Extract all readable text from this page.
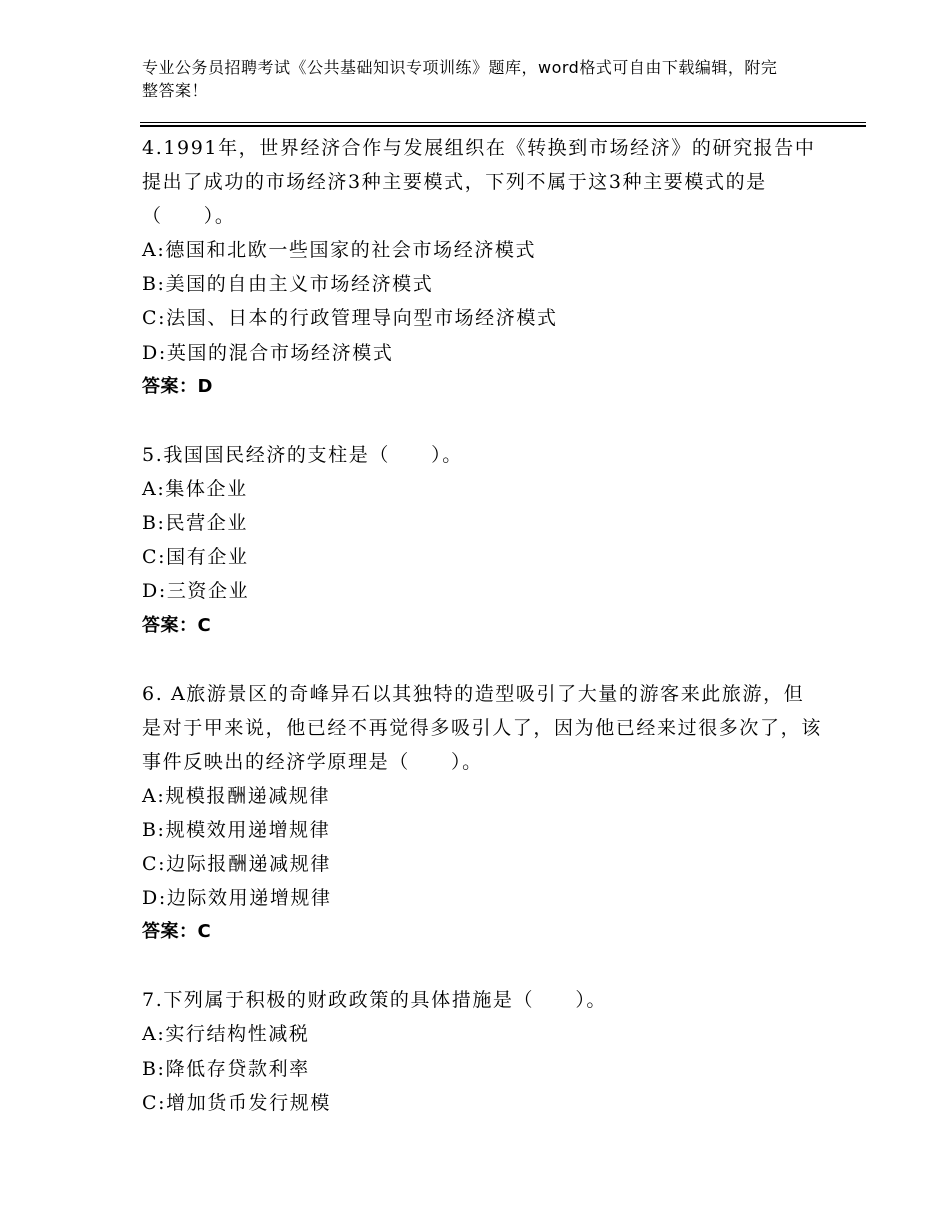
专业公务员招聘考试《公共基础知识专项训练》题库，word格式可自由下载编辑，附完整答案！
4.1991年，世界经济合作与发展组织在《转换到市场经济》的研究报告中提出了成功的市场经济3种主要模式，下列不属于这3种主要模式的是（　　）。
A:德国和北欧一些国家的社会市场经济模式
B:美国的自由主义市场经济模式
C:法国、日本的行政管理导向型市场经济模式
D:英国的混合市场经济模式
答案：D
5.我国国民经济的支柱是（　　）。
A:集体企业
B:民营企业
C:国有企业
D:三资企业
答案：C
6. A旅游景区的奇峰异石以其独特的造型吸引了大量的游客来此旅游，但是对于甲来说，他已经不再觉得多吸引人了，因为他已经来过很多次了，该事件反映出的经济学原理是（　　）。
A:规模报酬递减规律
B:规模效用递增规律
C:边际报酬递减规律
D:边际效用递增规律
答案：C
7.下列属于积极的财政政策的具体措施是（　　）。
A:实行结构性减税
B:降低存贷款利率
C:增加货币发行规模
